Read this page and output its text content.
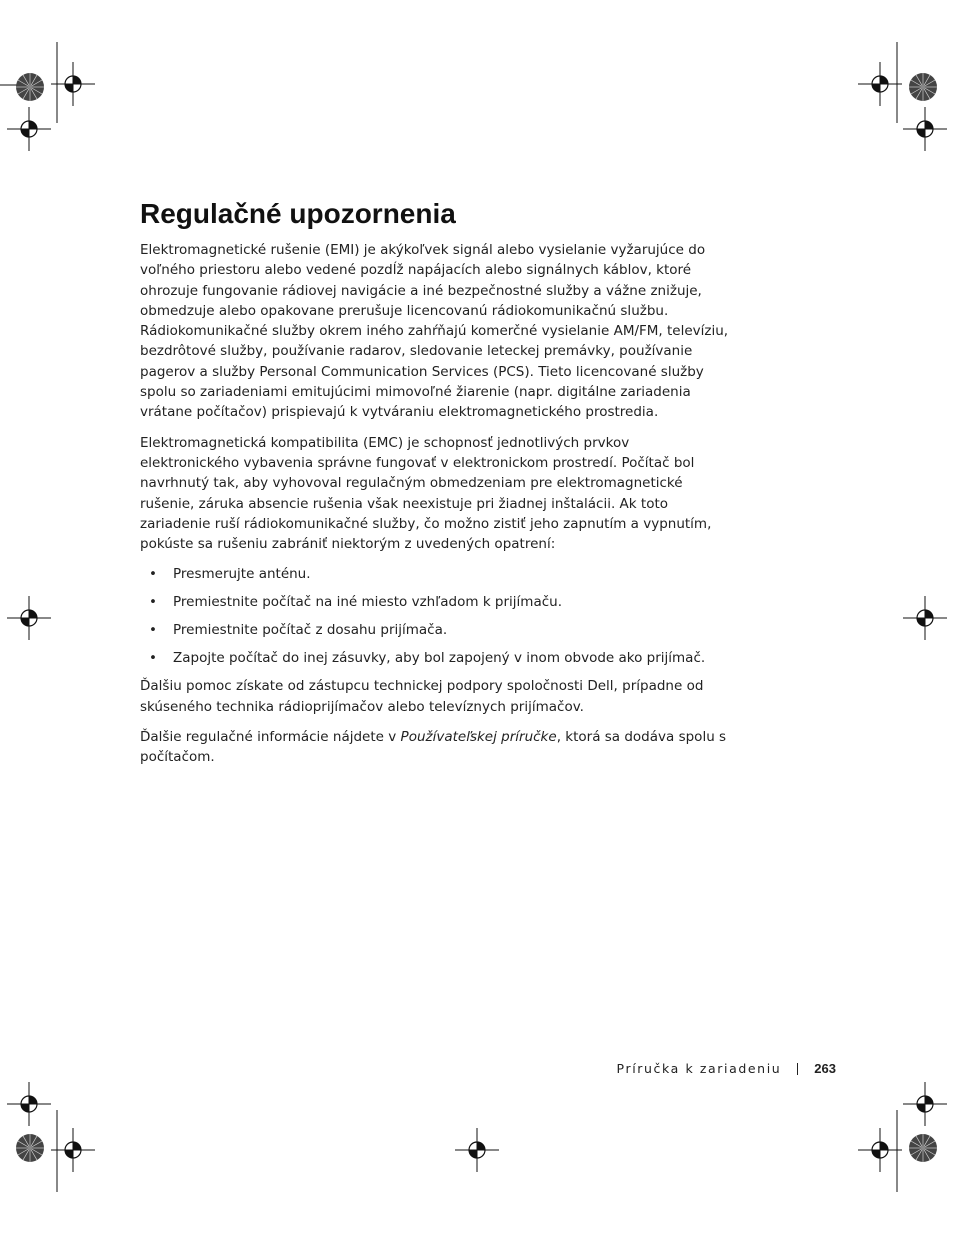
Regulačné upozornenia

Elektromagnetické rušenie (EMI) je akýkoľvek signál alebo vysielanie vyžarujúce do voľného priestoru alebo vedené pozdĺž napájacích alebo signálnych káblov, ktoré ohrozuje fungovanie rádiovej navigácie a iné bezpečnostné služby a vážne znižuje, obmedzuje alebo opakovane prerušuje licencovanú rádiokomunikačnú službu. Rádiokomunikačné služby okrem iného zahŕňajú komerčné vysielanie AM/FM, televíziu, bezdrôtové služby, používanie radarov, sledovanie leteckej premávky, používanie pagerov a služby Personal Communication Services (PCS). Tieto licencované služby spolu so zariadeniami emitujúcimi mimovoľné žiarenie (napr. digitálne zariadenia vrátane počítačov) prispievajú k vytváraniu elektromagnetického prostredia.

Elektromagnetická kompatibilita (EMC) je schopnosť jednotlivých prvkov elektronického vybavenia správne fungovať v elektronickom prostredí. Počítač bol navrhnutý tak, aby vyhovoval regulačným obmedzeniam pre elektromagnetické rušenie, záruka absencie rušenia však neexistuje pri žiadnej inštalácii. Ak toto zariadenie ruší rádiokomunikačné služby, čo možno zistiť jeho zapnutím a vypnutím, pokúste sa rušeniu zabrániť niektorým z uvedených opatrení:

• Presmerujte anténu.
• Premiestnite počítač na iné miesto vzhľadom k prijímaču.
• Premiestnite počítač z dosahu prijímača.
• Zapojte počítač do inej zásuvky, aby bol zapojený v inom obvode ako prijímač.

Ďalšiu pomoc získate od zástupcu technickej podpory spoločnosti Dell, prípadne od skúseného technika rádioprijímačov alebo televíznych prijímačov.

Ďalšie regulačné informácie nájdete v Používateľskej príručke, ktorá sa dodáva spolu s počítačom.

Príručka k zariadeniu	263
